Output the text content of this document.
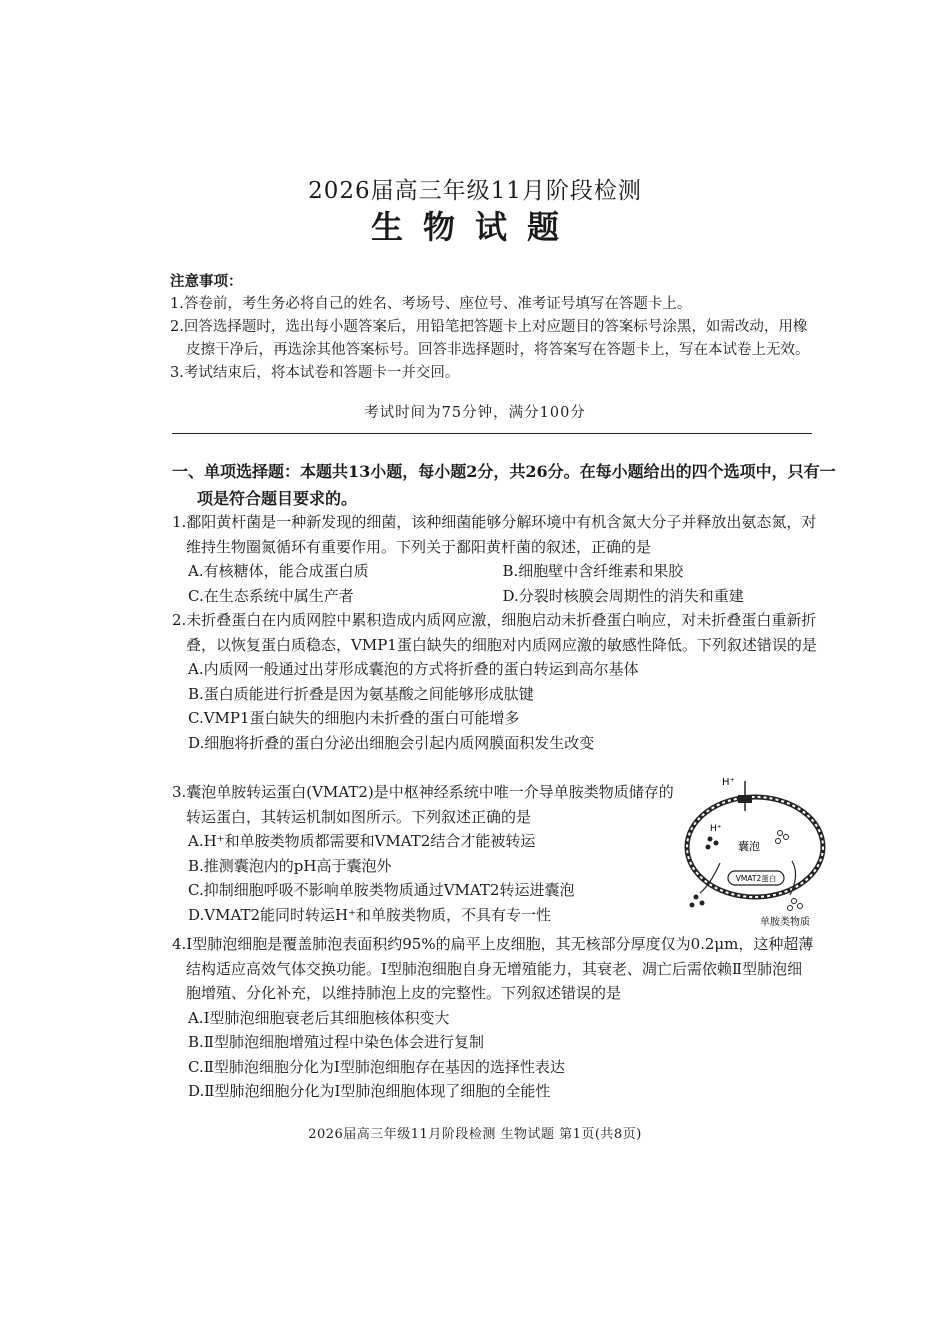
2026届高三年级11月阶段检测
生物试题
注意事项：
1.答卷前，考生务必将自己的姓名、考场号、座位号、准考证号填写在答题卡上。
2.回答选择题时，选出每小题答案后，用铅笔把答题卡上对应题目的答案标号涂黑，如需改动，用橡皮擦干净后，再选涂其他答案标号。回答非选择题时，将答案写在答题卡上，写在本试卷上无效。
3.考试结束后，将本试卷和答题卡一并交回。
考试时间为75分钟，满分100分
一、单项选择题：本题共13小题，每小题2分，共26分。在每小题给出的四个选项中，只有一项是符合题目要求的。
1.鄱阳黄杆菌是一种新发现的细菌，该种细菌能够分解环境中有机含氮大分子并释放出氨态氮，对维持生物圈氮循环有重要作用。下列关于鄱阳黄杆菌的叙述，正确的是
A.有核糖体，能合成蛋白质	B.细胞壁中含纤维素和果胶
C.在生态系统中属生产者	D.分裂时核膜会周期性的消失和重建
2.未折叠蛋白在内质网腔中累积造成内质网应激，细胞启动未折叠蛋白响应，对未折叠蛋白重新折叠，以恢复蛋白质稳态，VMP1蛋白缺失的细胞对内质网应激的敏感性降低。下列叙述错误的是
A.内质网一般通过出芽形成囊泡的方式将折叠的蛋白转运到高尔基体
B.蛋白质能进行折叠是因为氨基酸之间能够形成肽键
C.VMP1蛋白缺失的细胞内未折叠的蛋白可能增多
D.细胞将折叠的蛋白分泌出细胞会引起内质网膜面积发生改变
3.囊泡单胺转运蛋白(VMAT2)是中枢神经系统中唯一介导单胺类物质储存的转运蛋白，其转运机制如图所示。下列叙述正确的是
A.H⁺和单胺类物质都需要和VMAT2结合才能被转运
B.推测囊泡内的pH高于囊泡外
C.抑制细胞呼吸不影响单胺类物质通过VMAT2转运进囊泡
D.VMAT2能同时转运H⁺和单胺类物质，不具有专一性
H⁺
H⁺
囊泡
VMAT2蛋白
单胺类物质
4.Ⅰ型肺泡细胞是覆盖肺泡表面积约95%的扁平上皮细胞，其无核部分厚度仅为0.2μm，这种超薄结构适应高效气体交换功能。Ⅰ型肺泡细胞自身无增殖能力，其衰老、凋亡后需依赖Ⅱ型肺泡细胞增殖、分化补充，以维持肺泡上皮的完整性。下列叙述错误的是
A.Ⅰ型肺泡细胞衰老后其细胞核体积变大
B.Ⅱ型肺泡细胞增殖过程中染色体会进行复制
C.Ⅱ型肺泡细胞分化为Ⅰ型肺泡细胞存在基因的选择性表达
D.Ⅱ型肺泡细胞分化为Ⅰ型肺泡细胞体现了细胞的全能性
2026届高三年级11月阶段检测 生物试题 第1页(共8页)
